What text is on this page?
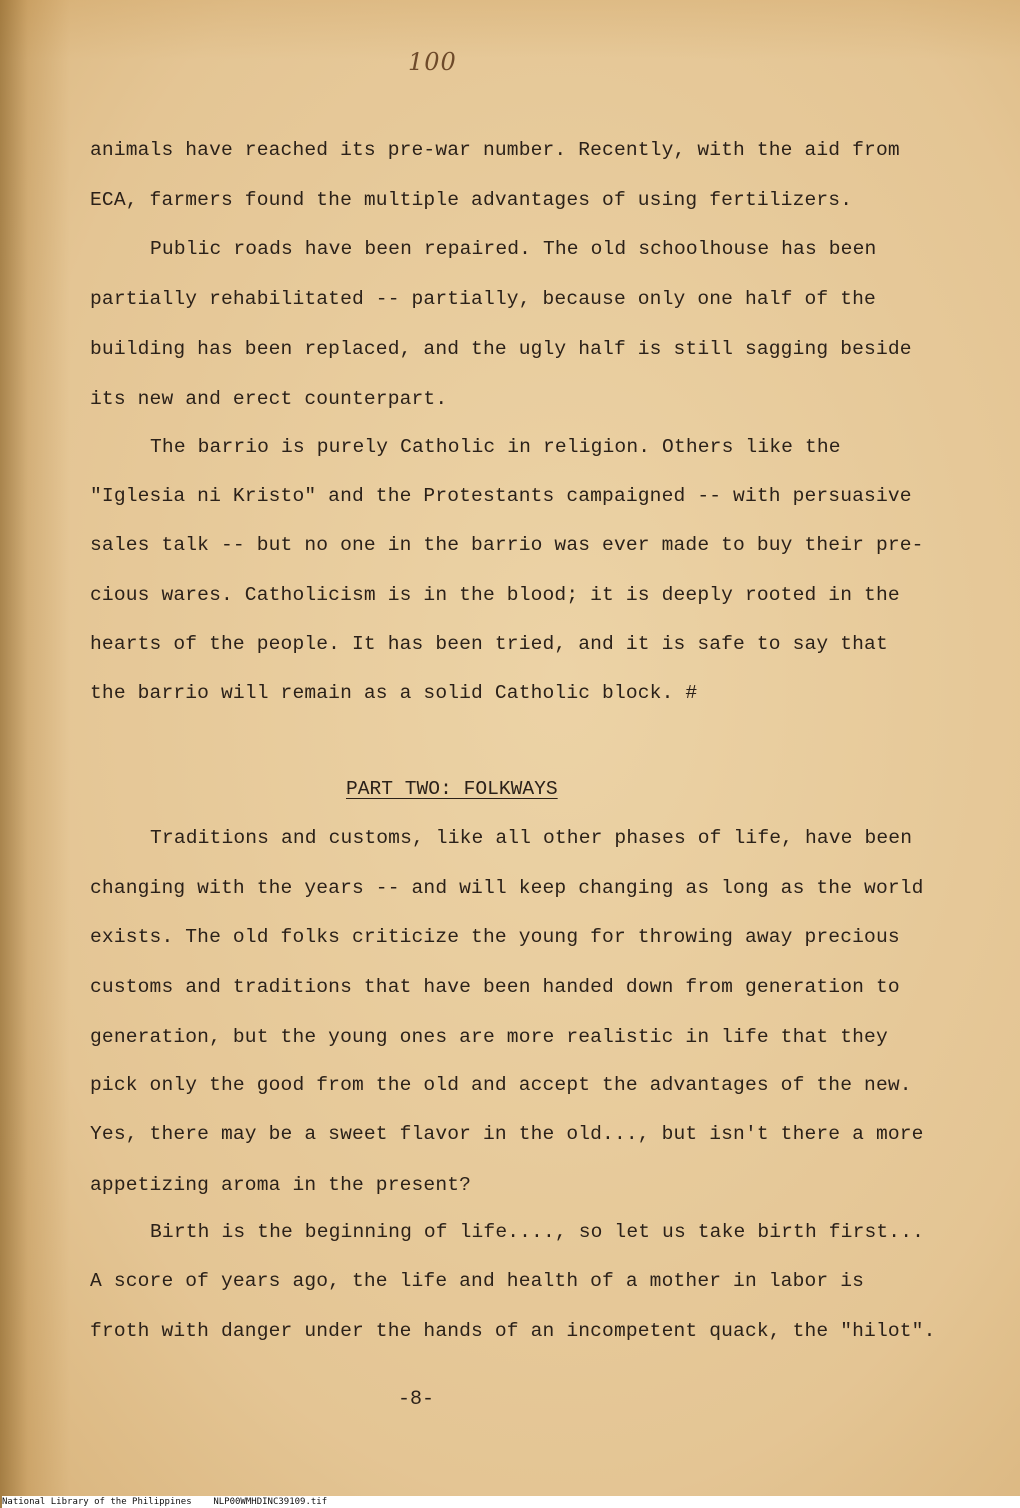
100
animals have reached its pre-war number. Recently, with the aid from
ECA, farmers found the multiple advantages of using fertilizers.
Public roads have been repaired. The old schoolhouse has been
partially rehabilitated -- partially, because only one half of the
building has been replaced, and the ugly half is still sagging beside
its new and erect counterpart.
The barrio is purely Catholic in religion. Others like the
"Iglesia ni Kristo" and the Protestants campaigned -- with persuasive
sales talk -- but no one in the barrio was ever made to buy their pre-
cious wares. Catholicism is in the blood; it is deeply rooted in the
hearts of the people. It has been tried, and it is safe to say that
the barrio will remain as a solid Catholic block. #
PART TWO: FOLKWAYS
Traditions and customs, like all other phases of life, have been
changing with the years -- and will keep changing as long as the world
exists. The old folks criticize the young for throwing away precious
customs and traditions that have been handed down from generation to
generation, but the young ones are more realistic in life that they
pick only the good from the old and accept the advantages of the new.
Yes, there may be a sweet flavor in the old..., but isn't there a more
appetizing aroma in the present?
Birth is the beginning of life...., so let us take birth first...
A score of years ago, the life and health of a mother in labor is
froth with danger under the hands of an incompetent quack, the "hilot".
-8-
National Library of the Philippines NLP00WMHDINC39109.tif
